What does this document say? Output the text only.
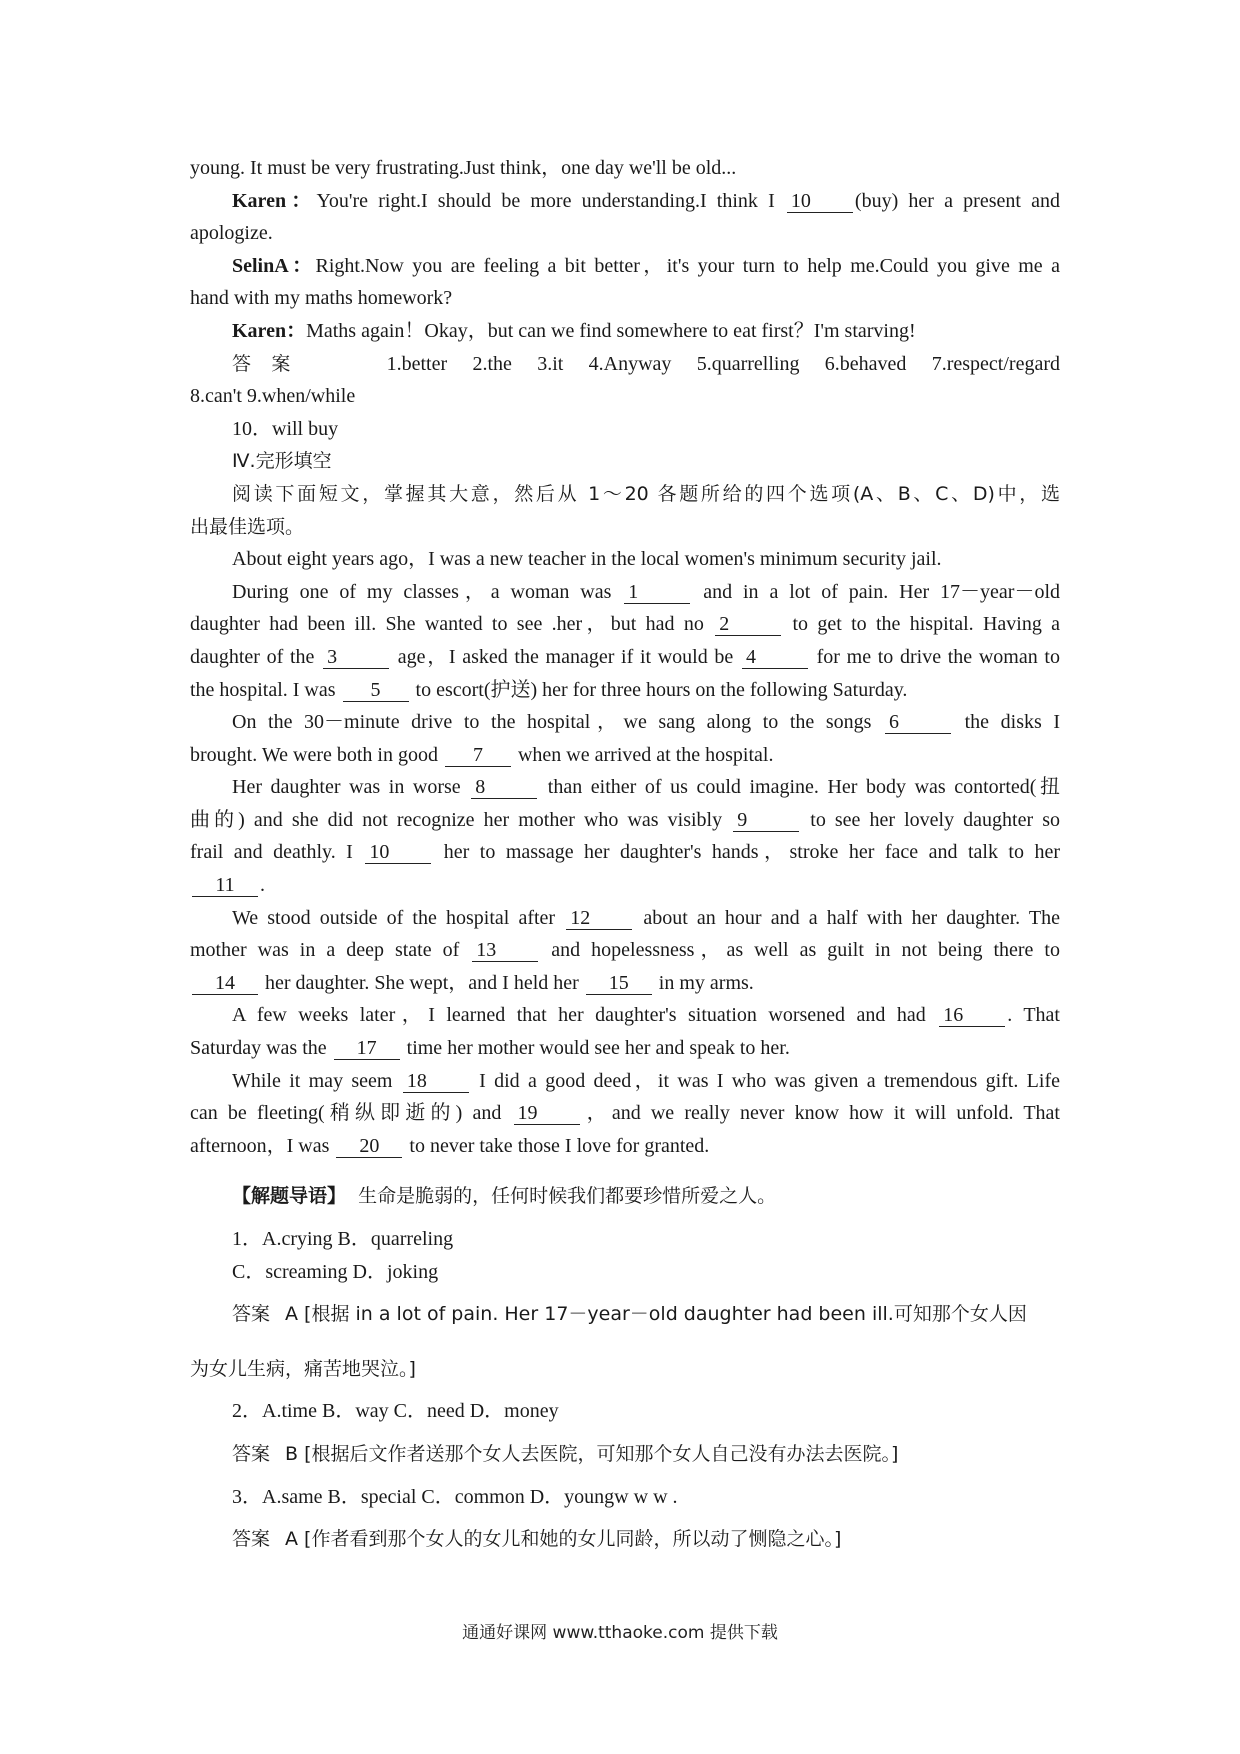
young. It must be very frustrating.Just think，one day we'll be old...
Karen：You're right.I should be more understanding.I think I 10 (buy) her a present and
apologize.
SelinA：Right.Now you are feeling a bit better，it's your turn to help me.Could you give me a
hand with my maths homework?
Karen：Maths again！Okay，but can we find somewhere to eat first？I'm starving!
答案	1.better 2.the 3.it 4.Anyway 5.quarrelling 6.behaved 7.respect/regard
8.can't 9.when/while
10．will buy
Ⅳ.完形填空
阅读下面短文，掌握其大意，然后从 1～20 各题所给的四个选项(A、B、C、D)中，选
出最佳选项。
About eight years ago，I was a new teacher in the local women's minimum security jail.
During one of my classes，a woman was 1	and in a lot of pain. Her 17－year－old
daughter had been ill. She wanted to see .her，but had no 2	to get to the hispital. Having a
daughter of the 3	age，I asked the manager if it would be 4	for me to drive the woman to
the hospital. I was 5 to escort(护送) her for three hours on the following Saturday.
On the 30－minute drive to the hospital，we sang along to the songs 6	the disks I
brought. We were both in good 7 when we arrived at the hospital.
Her daughter was in worse 8	than either of us could imagine. Her body was contorted(扭
曲的) and she did not recognize her mother who was visibly 9	to see her lovely daughter so
frail and deathly. I 10 her to massage her daughter's hands，stroke her face and talk to her
11 .
We stood outside of the hospital after 12 about an hour and a half with her daughter. The
mother was in a deep state of 13 and hopelessness，as well as guilt in not being there to
14 her daughter. She wept，and I held her 15 in my arms.
A few weeks later，I learned that her daughter's situation worsened and had 16 . That
Saturday was the 17 time her mother would see her and speak to her.
While it may seem 18 I did a good deed，it was I who was given a tremendous gift. Life
can be fleeting(稍纵即逝的) and 19 ，and we really never know how it will unfold. That
afternoon，I was 20 to never take those I love for granted.
【解题导语】 生命是脆弱的，任何时候我们都要珍惜所爱之人。
1．A.crying B．quarreling
C．screaming D．joking
答案 A [根据 in a lot of pain. Her 17－year－old daughter had been ill.可知那个女人因
为女儿生病，痛苦地哭泣。]
2．A.time B．way C．need D．money
答案 B [根据后文作者送那个女人去医院，可知那个女人自己没有办法去医院。]
3．A.same B．special C．common D．youngw w w .
答案 A [作者看到那个女人的女儿和她的女儿同龄，所以动了恻隐之心。]
通通好课网 www.tthaoke.com 提供下载
